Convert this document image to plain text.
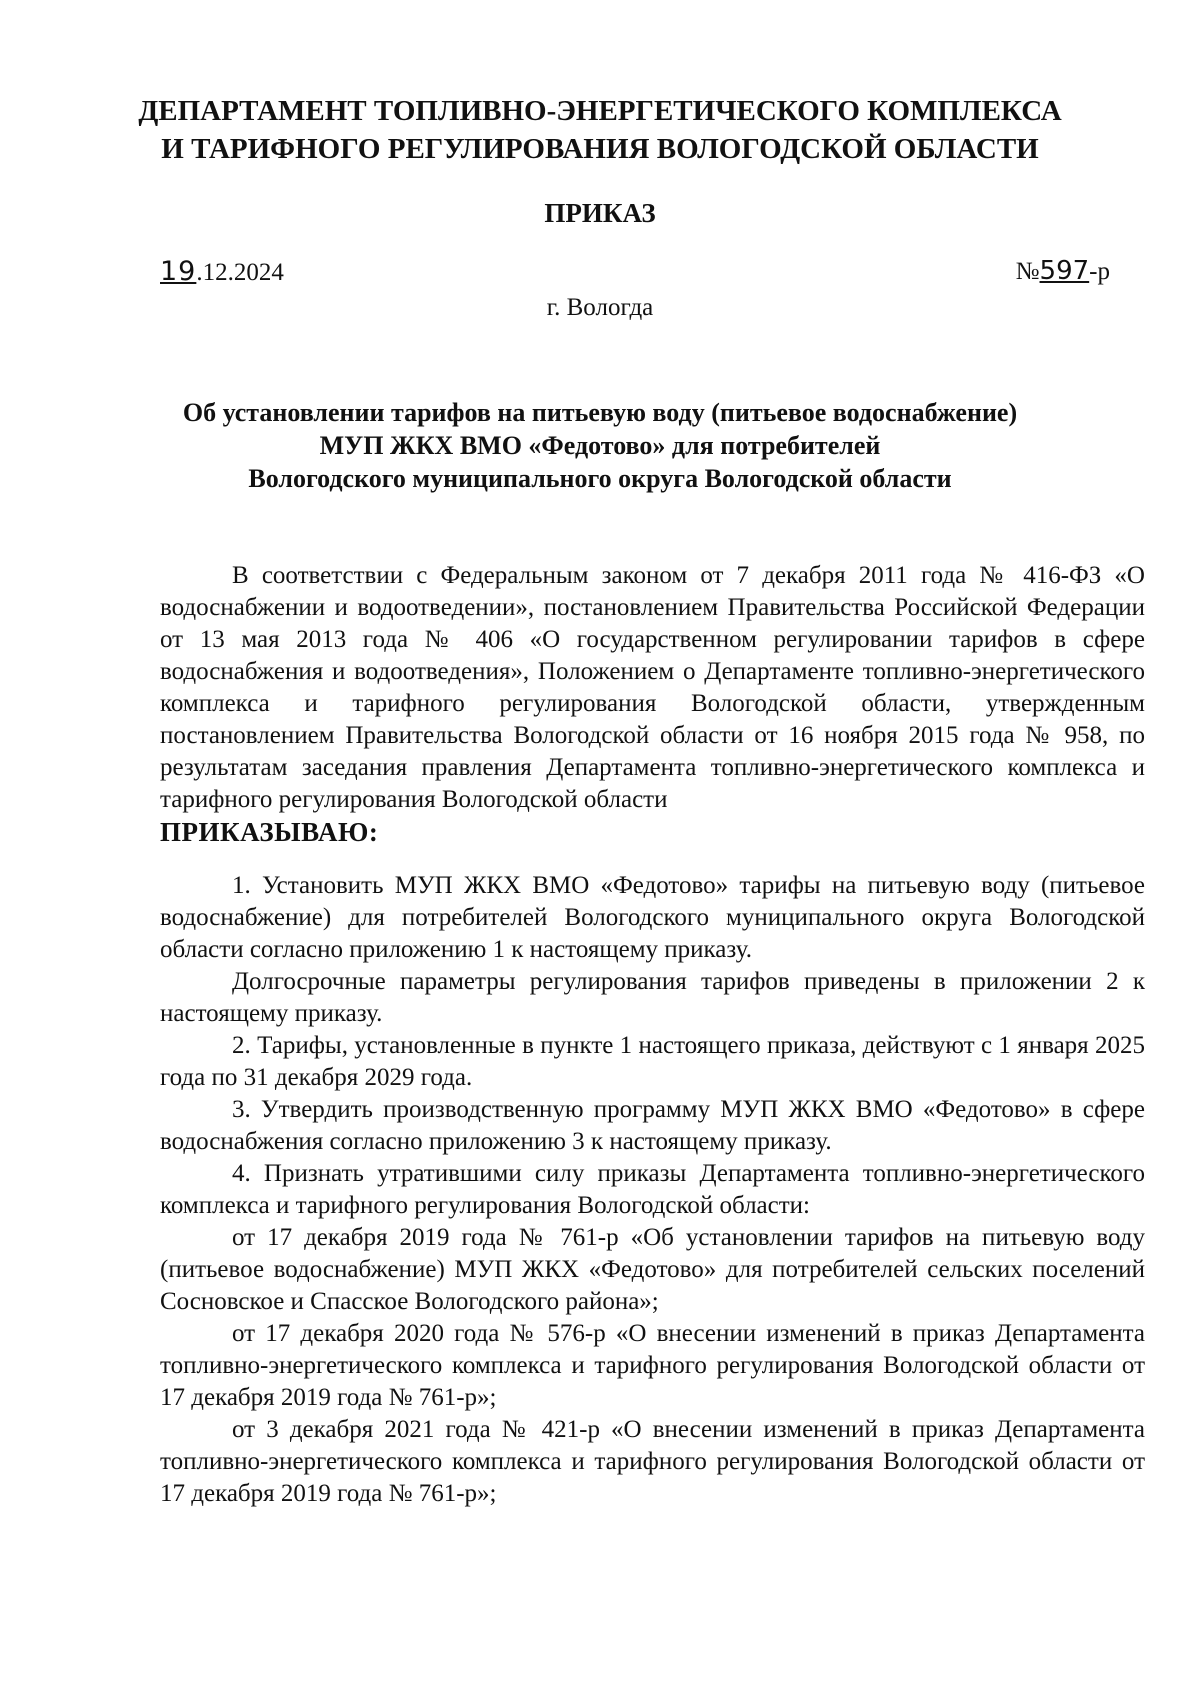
ДЕПАРТАМЕНТ ТОПЛИВНО-ЭНЕРГЕТИЧЕСКОГО КОМПЛЕКСА
И ТАРИФНОГО РЕГУЛИРОВАНИЯ ВОЛОГОДСКОЙ ОБЛАСТИ
ПРИКАЗ
19.12.2024	№597-р
г. Вологда
Об установлении тарифов на питьевую воду (питьевое водоснабжение)
МУП ЖКХ ВМО «Федотово» для потребителей
Вологодского муниципального округа Вологодской области

В соответствии с Федеральным законом от 7 декабря 2011 года № 416-ФЗ «О водоснабжении и водоотведении», постановлением Правительства Российской Федерации от 13 мая 2013 года № 406 «О государственном регулировании тарифов в сфере водоснабжения и водоотведения», Положением о Департаменте топливно-энергетического комплекса и тарифного регулирования Вологодской области, утвержденным постановлением Правительства Вологодской области от 16 ноября 2015 года № 958, по результатам заседания правления Департамента топливно-энергетического комплекса и тарифного регулирования Вологодской области

ПРИКАЗЫВАЮ:

1. Установить МУП ЖКХ ВМО «Федотово» тарифы на питьевую воду (питьевое водоснабжение) для потребителей Вологодского муниципального округа Вологодской области согласно приложению 1 к настоящему приказу.

Долгосрочные параметры регулирования тарифов приведены в приложении 2 к настоящему приказу.

2. Тарифы, установленные в пункте 1 настоящего приказа, действуют с 1 января 2025 года по 31 декабря 2029 года.

3. Утвердить производственную программу МУП ЖКХ ВМО «Федотово» в сфере водоснабжения согласно приложению 3 к настоящему приказу.

4. Признать утратившими силу приказы Департамента топливно-энергетического комплекса и тарифного регулирования Вологодской области:

от 17 декабря 2019 года № 761-р «Об установлении тарифов на питьевую воду (питьевое водоснабжение) МУП ЖКХ «Федотово» для потребителей сельских поселений Сосновское и Спасское Вологодского района»;

от 17 декабря 2020 года № 576-р «О внесении изменений в приказ Департамента топливно-энергетического комплекса и тарифного регулирования Вологодской области от 17 декабря 2019 года № 761-р»;

от 3 декабря 2021 года № 421-р «О внесении изменений в приказ Департамента топливно-энергетического комплекса и тарифного регулирования Вологодской области от 17 декабря 2019 года № 761-р»;
